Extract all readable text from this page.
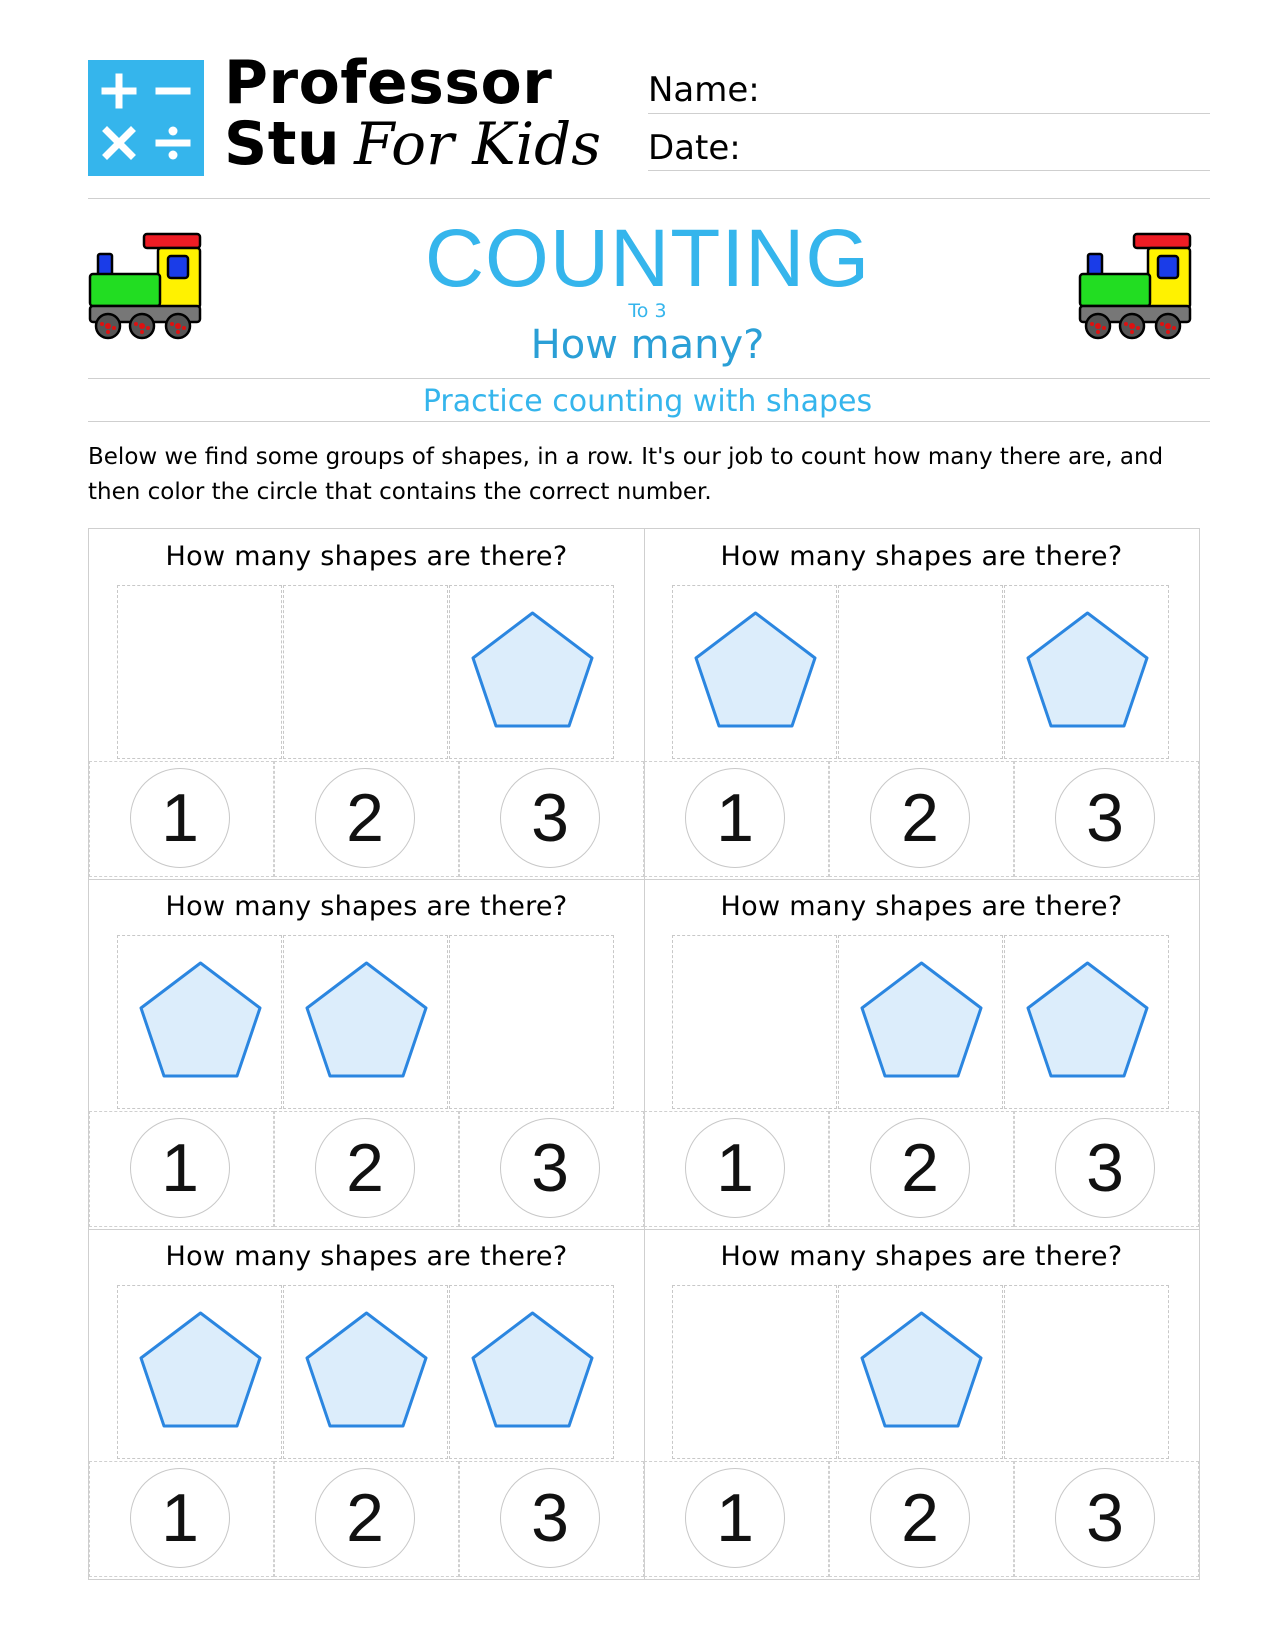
Professor
Stu For Kids
Name:
Date:
COUNTING
To 3
How many?
Practice counting with shapes
Below we find some groups of shapes, in a row. It's our job to count how many there are, and then color the circle that contains the correct number.
How many shapes are there?
1	2	3
How many shapes are there?
1	2	3
How many shapes are there?
1	2	3
How many shapes are there?
1	2	3
How many shapes are there?
1	2	3
How many shapes are there?
1	2	3
